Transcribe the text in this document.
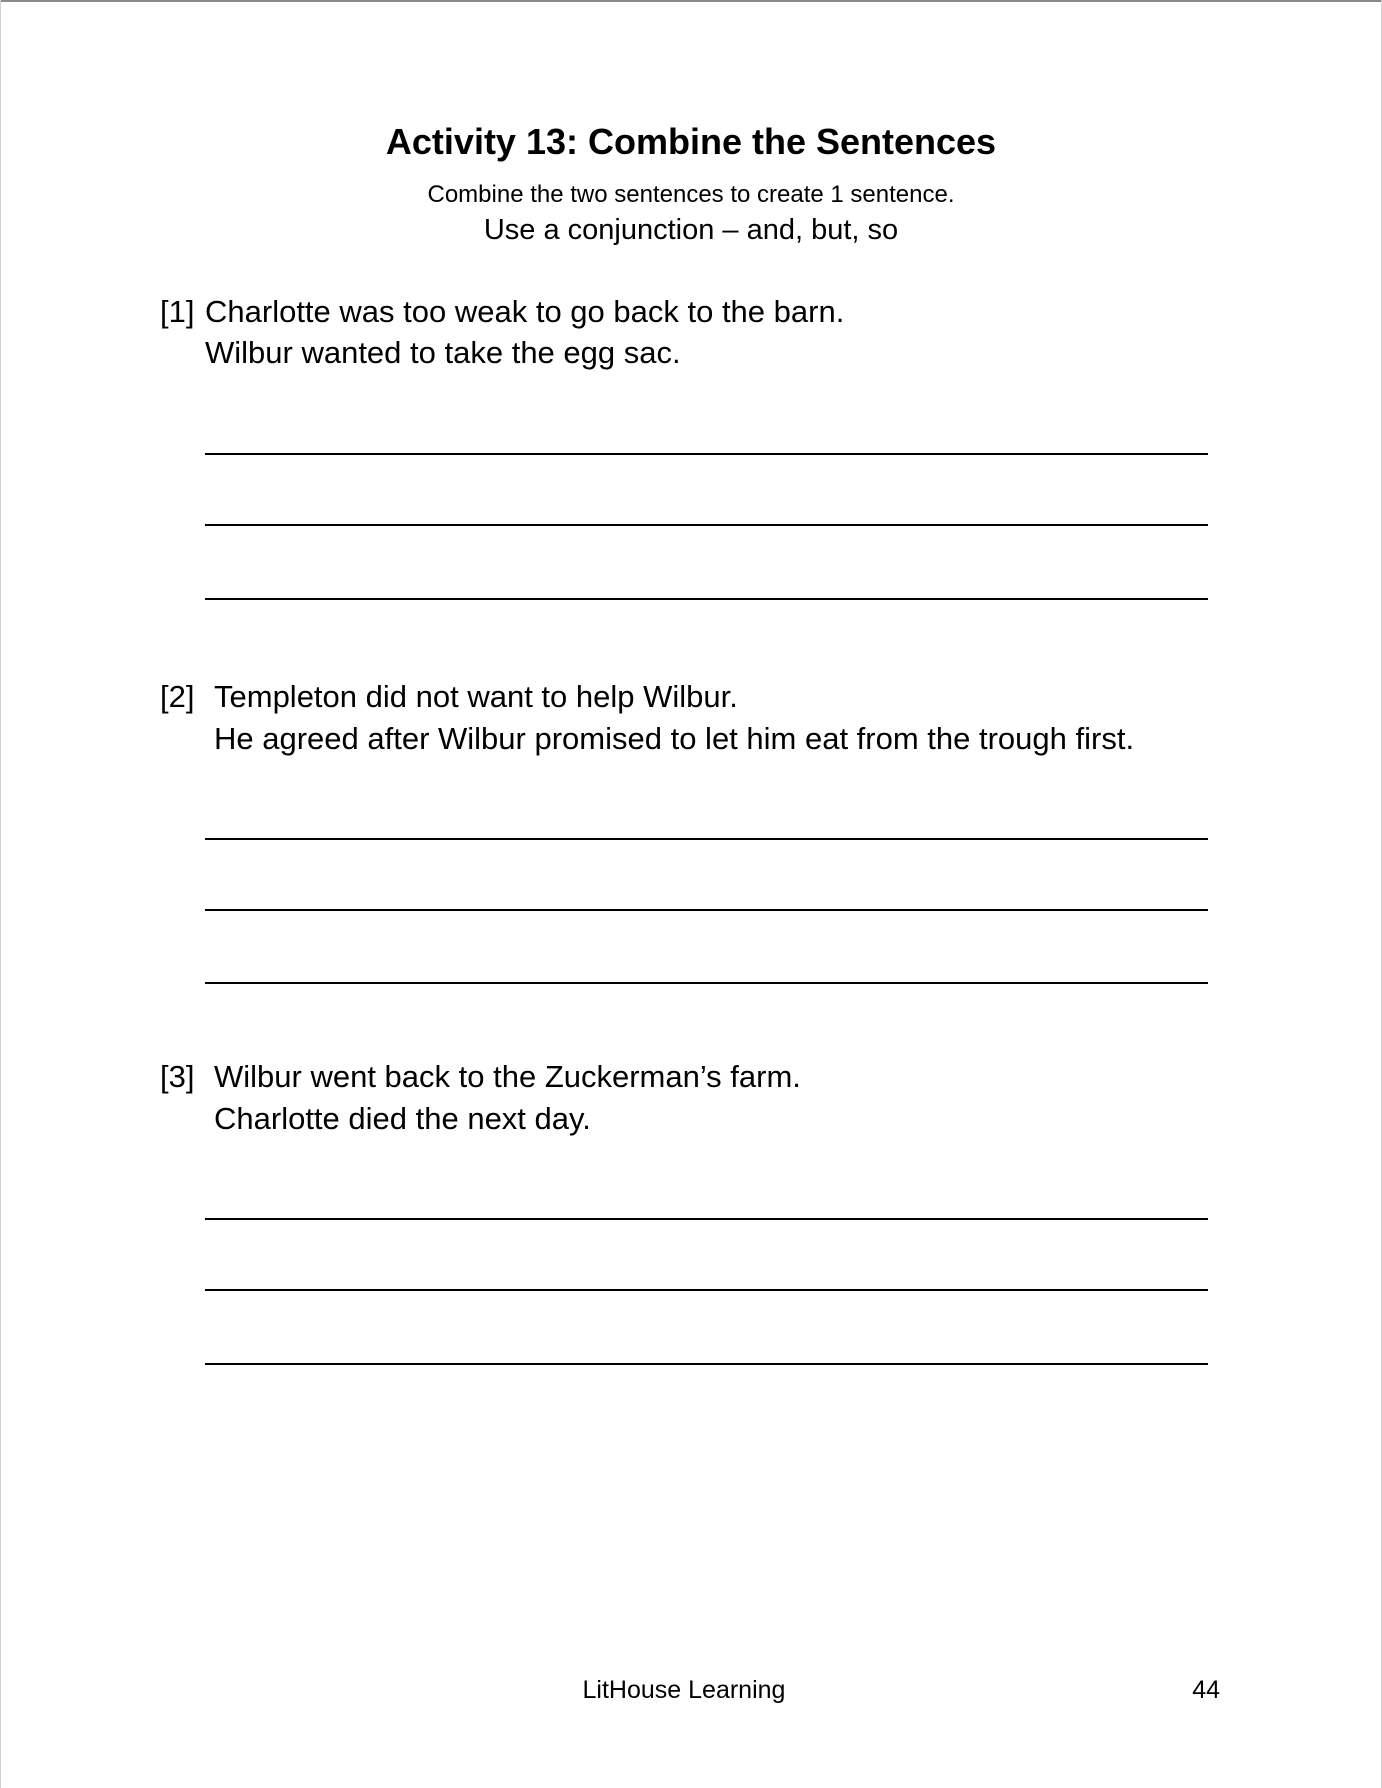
Activity 13: Combine the Sentences
Combine the two sentences to create 1 sentence.
Use a conjunction – and, but, so
[1] Charlotte was too weak to go back to the barn.
Wilbur wanted to take the egg sac.
[2] Templeton did not want to help Wilbur.
He agreed after Wilbur promised to let him eat from the trough first.
[3] Wilbur went back to the Zuckerman’s farm.
Charlotte died the next day.
LitHouse Learning	44
